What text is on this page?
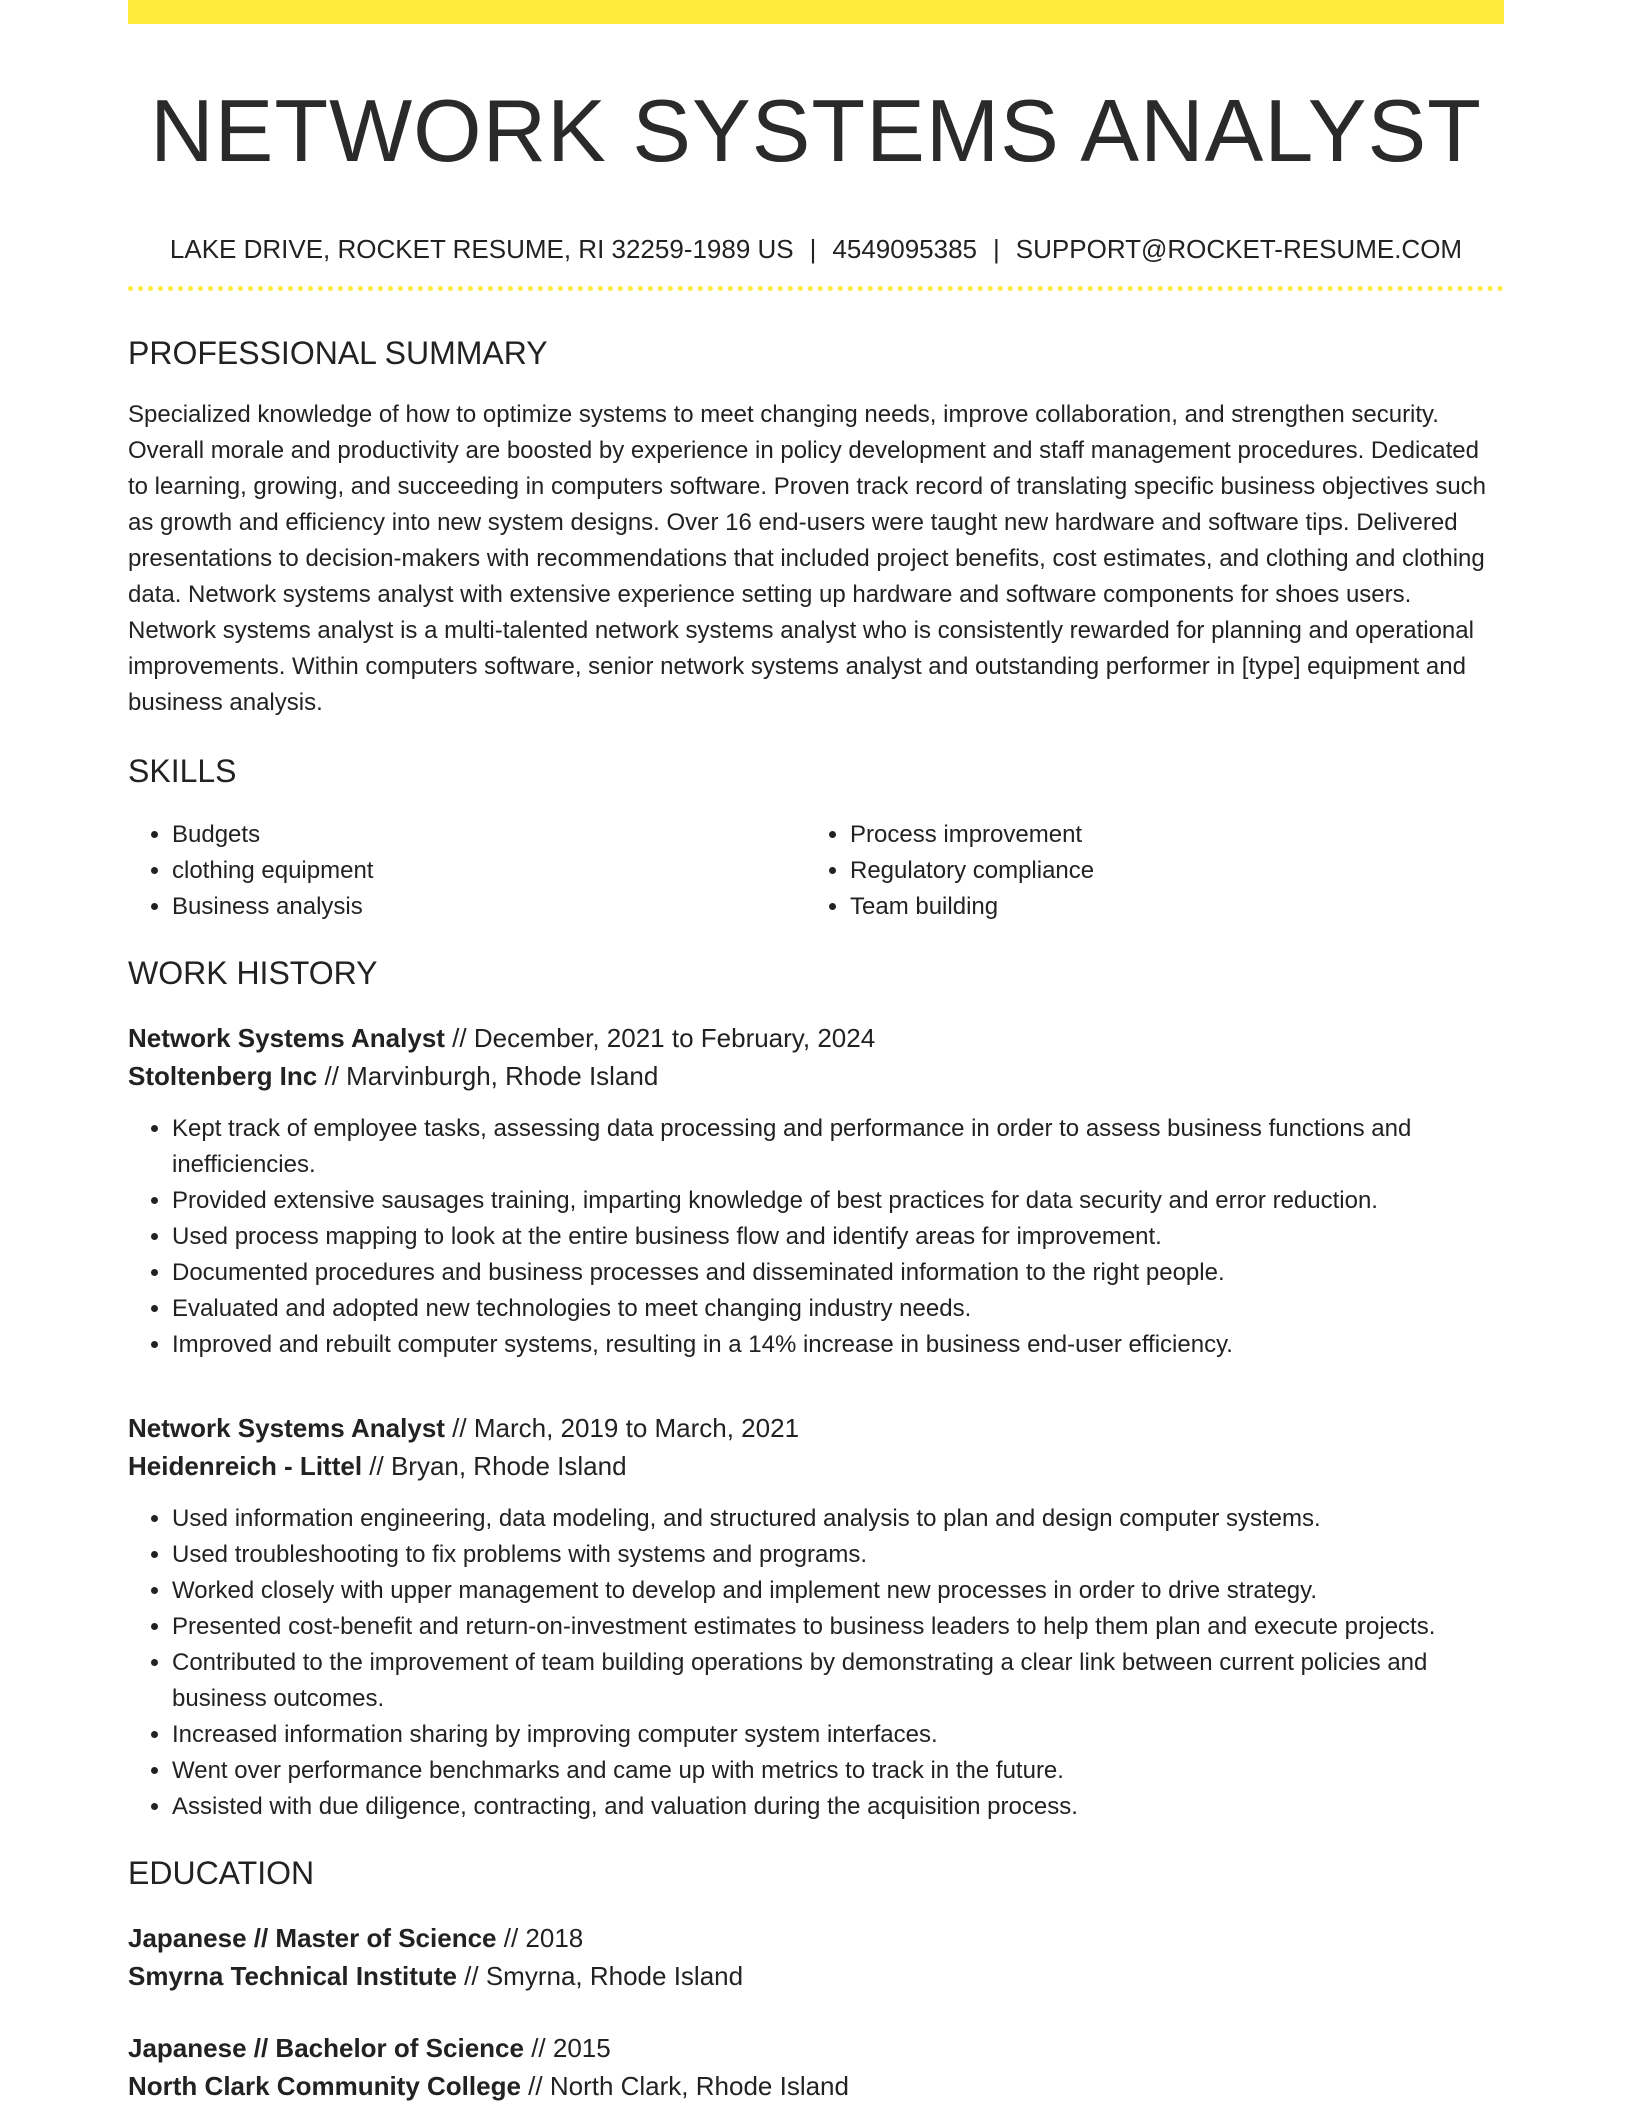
NETWORK SYSTEMS ANALYST
LAKE DRIVE, ROCKET RESUME, RI 32259-1989 US | 4549095385 | SUPPORT@ROCKET-RESUME.COM
PROFESSIONAL SUMMARY
Specialized knowledge of how to optimize systems to meet changing needs, improve collaboration, and strengthen security. Overall morale and productivity are boosted by experience in policy development and staff management procedures. Dedicated to learning, growing, and succeeding in computers software. Proven track record of translating specific business objectives such as growth and efficiency into new system designs. Over 16 end-users were taught new hardware and software tips. Delivered presentations to decision-makers with recommendations that included project benefits, cost estimates, and clothing and clothing data. Network systems analyst with extensive experience setting up hardware and software components for shoes users. Network systems analyst is a multi-talented network systems analyst who is consistently rewarded for planning and operational improvements. Within computers software, senior network systems analyst and outstanding performer in [type] equipment and business analysis.
SKILLS
• Budgets
• clothing equipment
• Business analysis
• Process improvement
• Regulatory compliance
• Team building
WORK HISTORY
Network Systems Analyst // December, 2021 to February, 2024
Stoltenberg Inc // Marvinburgh, Rhode Island
• Kept track of employee tasks, assessing data processing and performance in order to assess business functions and inefficiencies.
• Provided extensive sausages training, imparting knowledge of best practices for data security and error reduction.
• Used process mapping to look at the entire business flow and identify areas for improvement.
• Documented procedures and business processes and disseminated information to the right people.
• Evaluated and adopted new technologies to meet changing industry needs.
• Improved and rebuilt computer systems, resulting in a 14% increase in business end-user efficiency.
Network Systems Analyst // March, 2019 to March, 2021
Heidenreich - Littel // Bryan, Rhode Island
• Used information engineering, data modeling, and structured analysis to plan and design computer systems.
• Used troubleshooting to fix problems with systems and programs.
• Worked closely with upper management to develop and implement new processes in order to drive strategy.
• Presented cost-benefit and return-on-investment estimates to business leaders to help them plan and execute projects.
• Contributed to the improvement of team building operations by demonstrating a clear link between current policies and business outcomes.
• Increased information sharing by improving computer system interfaces.
• Went over performance benchmarks and came up with metrics to track in the future.
• Assisted with due diligence, contracting, and valuation during the acquisition process.
EDUCATION
Japanese // Master of Science // 2018
Smyrna Technical Institute // Smyrna, Rhode Island
Japanese // Bachelor of Science // 2015
North Clark Community College // North Clark, Rhode Island
